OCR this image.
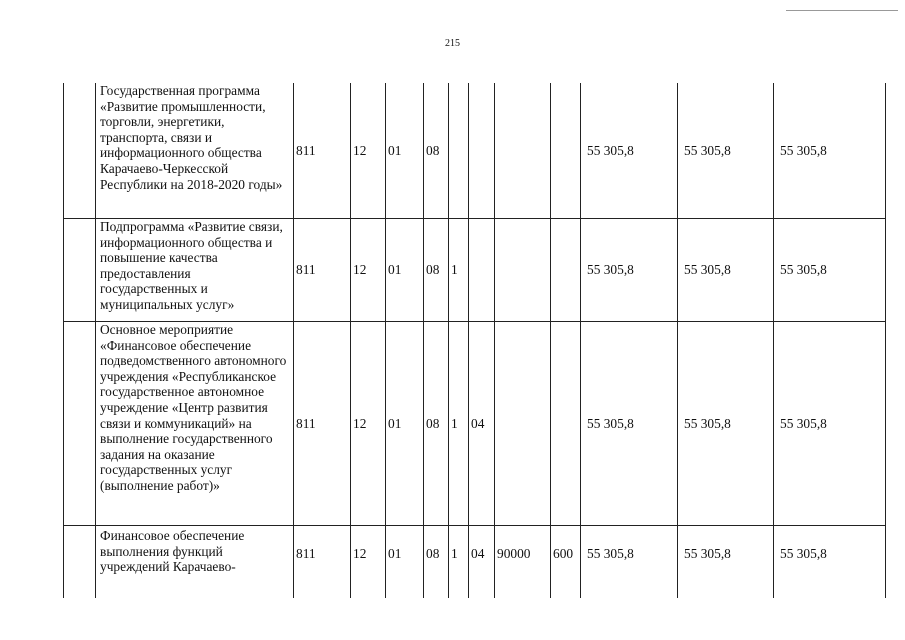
215
	Государственная программа «Развитие промышленности, торговли, энергетики, транспорта, связи и информационного общества Карачаево-Черкесской Республики на 2018-2020 годы»	811	12	01	08					55 305,8	55 305,8	55 305,8
	Подпрограмма «Развитие связи, информационного общества и повышение качества предоставления государственных и муниципальных услуг»	811	12	01	08	1				55 305,8	55 305,8	55 305,8
	Основное мероприятие «Финансовое обеспечение подведомственного автономного учреждения «Республиканское государственное автономное учреждение «Центр развития связи и коммуникаций» на выполнение государственного задания на оказание государственных услуг (выполнение работ)»	811	12	01	08	1	04			55 305,8	55 305,8	55 305,8
	Финансовое обеспечение выполнения функций учреждений Карачаево-	811	12	01	08	1	04	90000	600	55 305,8	55 305,8	55 305,8
